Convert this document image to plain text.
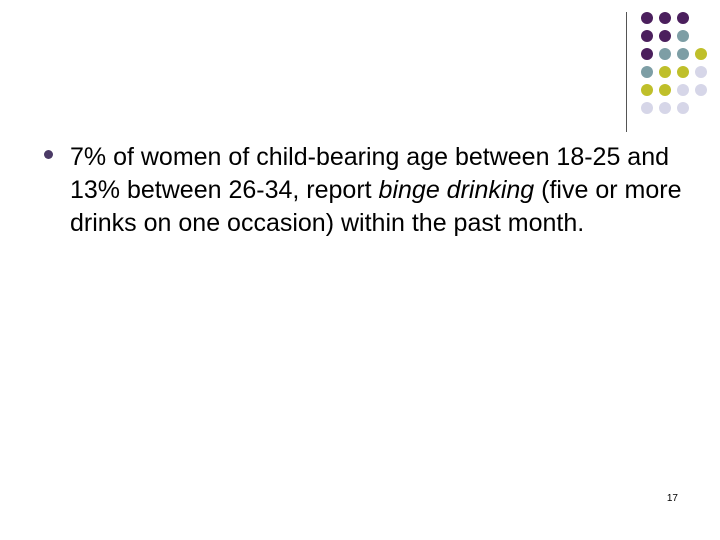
7% of women of child-bearing age between 18-25 and 13% between 26-34, report binge drinking (five or more drinks on one occasion) within the past month.
17
